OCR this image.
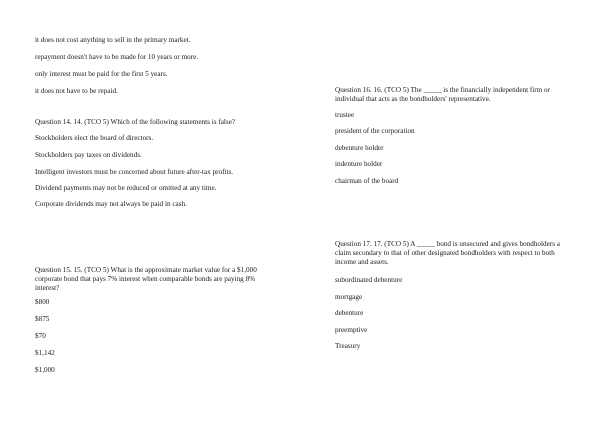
it does not cost anything to sell in the primary market.

repayment doesn't have to be made for 10 years or more.

only interest must be paid for the first 5 years.

it does not have to be repaid.

Question 14. 14. (TCO 5) Which of the following statements is false?

Stockholders elect the board of directors.

Stockholders pay taxes on dividends.

Intelligent investors must be concerned about future after-tax profits.

Dividend payments may not be reduced or omitted at any time.

Corporate dividends may not always be paid in cash.

Question 15. 15. (TCO 5) What is the approximate market value for a $1,000 corporate bond that pays 7% interest when comparable bonds are paying 8% interest?

$800

$875

$70

$1,142

$1,000

Question 16. 16. (TCO 5) The _____ is the financially independent firm or individual that acts as the bondholders' representative.

trustee

president of the corporation

debenture holder

indenture holder

chairman of the board

Question 17. 17. (TCO 5) A _____ bond is unsecured and gives bondholders a claim secondary to that of other designated bondholders with respect to both income and assets.

subordinated debenture

mortgage

debenture

preemptive

Treasury
